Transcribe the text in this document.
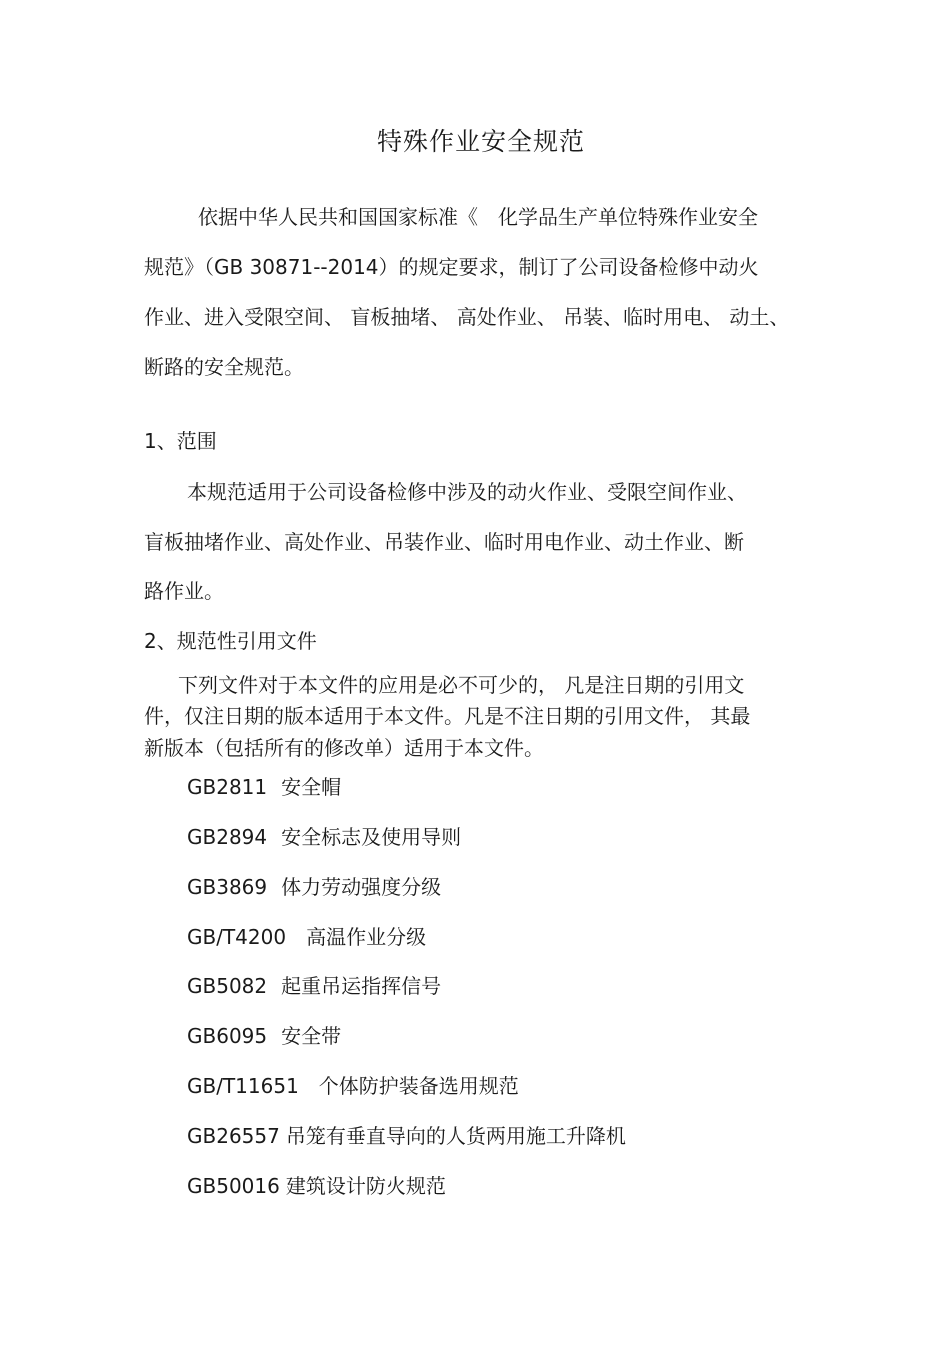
特殊作业安全规范
依据中华人民共和国国家标准《　化学品生产单位特殊作业安全
规范》（GB 30871--2014）的规定要求，制订了公司设备检修中动火
作业、进入受限空间、 盲板抽堵、 高处作业、 吊装、临时用电、 动土、
断路的安全规范。
1、范围
本规范适用于公司设备检修中涉及的动火作业、受限空间作业、
盲板抽堵作业、高处作业、吊装作业、临时用电作业、动土作业、断
路作业。
2、规范性引用文件
下列文件对于本文件的应用是必不可少的， 凡是注日期的引用文
件，仅注日期的版本适用于本文件。凡是不注日期的引用文件， 其最
新版本（包括所有的修改单）适用于本文件。
GB2811 安全帽
GB2894 安全标志及使用导则
GB3869 体力劳动强度分级
GB/T4200 高温作业分级
GB5082 起重吊运指挥信号
GB6095 安全带
GB/T11651 个体防护装备选用规范
GB26557 吊笼有垂直导向的人货两用施工升降机
GB50016 建筑设计防火规范
